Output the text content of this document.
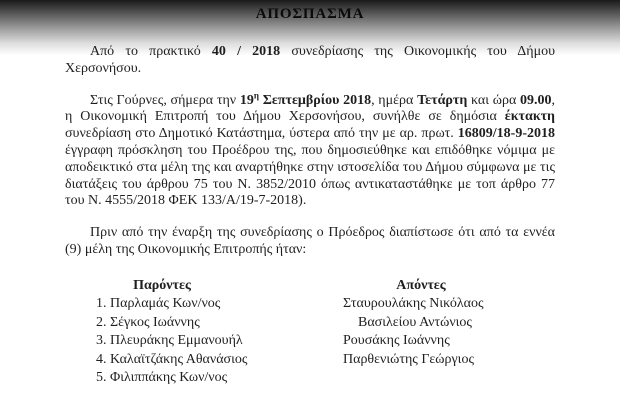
ΑΠΟΣΠΑΣΜΑ

Από το πρακτικό 40 / 2018 συνεδρίασης της Οικονομικής του Δήμου Χερσονήσου.

Στις Γούρνες, σήμερα την $19^\eta$ Σεπτεμβρίου 2018, ημέρα Τετάρτη και ώρα 09.00, η Οικονομική Επιτροπή του Δήμου Χερσονήσου, συνήλθε σε δημόσια έκτακτη συνεδρίαση στο Δημοτικό Κατάστημα, ύστερα από την με αρ. πρωτ. 16809/18-9-2018 έγγραφη πρόσκληση του Προέδρου της, που δημοσιεύθηκε και επιδόθηκε νόμιμα με αποδεικτικό στα μέλη της και αναρτήθηκε στην ιστοσελίδα του Δήμου σύμφωνα με τις διατάξεις του άρθρου 75 του Ν. 3852/2010 όπως αντικαταστάθηκε με τοπ άρθρο 77 του Ν. 4555/2018 ΦΕΚ 133/Α/19-7-2018).

Πριν από την έναρξη της συνεδρίασης ο Πρόεδρος διαπίστωσε ότι από τα εννέα (9) μέλη της Οικονομικής Επιτροπής ήταν:

Παρόντες
1. Παρλαμάς Κων/νος
2. Σέγκος Ιωάννης
3. Πλευράκης Εμμανουήλ
4. Καλαϊτζάκης Αθανάσιος
5. Φιλιππάκης Κων/νος
Απόντες
Σταυρουλάκης Νικόλαος
Βασιλείου Αντώνιος
Ρουσάκης Ιωάννης
Παρθενιώτης Γεώργιος
